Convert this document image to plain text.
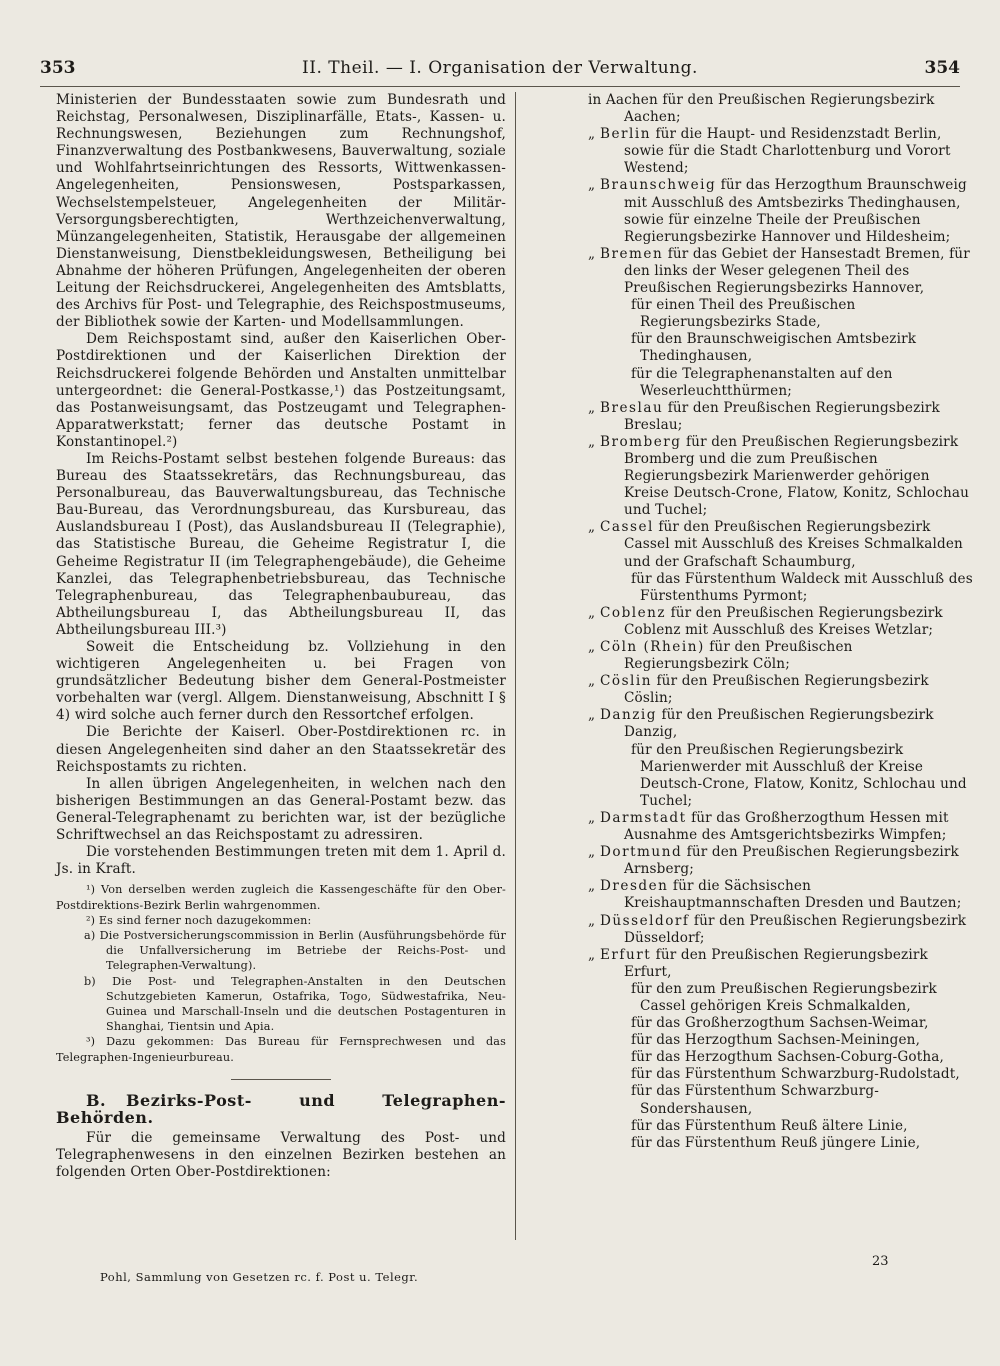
353	II. Theil. — I. Organisation der Verwaltung.	354

Ministerien der Bundesstaaten sowie zum Bundesrath und Reichstag, Personalwesen, Disziplinarfälle, Etats-, Kassen- u. Rechnungswesen, Beziehungen zum Rechnungshof, Finanzverwaltung des Postbankwesens, Bauverwaltung, soziale und Wohlfahrtseinrichtungen des Ressorts, Wittwenkassen-Angelegenheiten, Pensionswesen, Postsparkassen, Wechselstempelsteuer, Angelegenheiten der Militär-Versorgungsberechtigten, Werthzeichenverwaltung, Münzangelegenheiten, Statistik, Herausgabe der allgemeinen Dienstanweisung, Dienstbekleidungswesen, Betheiligung bei Abnahme der höheren Prüfungen, Angelegenheiten der oberen Leitung der Reichsdruckerei, Angelegenheiten des Amtsblatts, des Archivs für Post- und Telegraphie, des Reichspostmuseums, der Bibliothek sowie der Karten- und Modellsammlungen.

Dem Reichspostamt sind, außer den Kaiserlichen Ober-Postdirektionen und der Kaiserlichen Direktion der Reichsdruckerei folgende Behörden und Anstalten unmittelbar untergeordnet: die General-Postkasse,¹) das Postzeitungsamt, das Postanweisungsamt, das Postzeugamt und Telegraphen-Apparatwerkstatt; ferner das deutsche Postamt in Konstantinopel.²)

Im Reichs-Postamt selbst bestehen folgende Bureaus: das Bureau des Staatssekretärs, das Rechnungsbureau, das Personalbureau, das Bauverwaltungsbureau, das Technische Bau-Bureau, das Verordnungsbureau, das Kursbureau, das Auslandsbureau I (Post), das Auslandsbureau II (Telegraphie), das Statistische Bureau, die Geheime Registratur I, die Geheime Registratur II (im Telegraphengebäude), die Geheime Kanzlei, das Telegraphenbetriebsbureau, das Technische Telegraphenbureau, das Telegraphenbaubureau, das Abtheilungsbureau I, das Abtheilungsbureau II, das Abtheilungsbureau III.³)

Soweit die Entscheidung bz. Vollziehung in den wichtigeren Angelegenheiten u. bei Fragen von grundsätzlicher Bedeutung bisher dem General-Postmeister vorbehalten war (vergl. Allgem. Dienstanweisung, Abschnitt I § 4) wird solche auch ferner durch den Ressortchef erfolgen.

Die Berichte der Kaiserl. Ober-Postdirektionen rc. in diesen Angelegenheiten sind daher an den Staatssekretär des Reichspostamts zu richten.

In allen übrigen Angelegenheiten, in welchen nach den bisherigen Bestimmungen an das General-Postamt bezw. das General-Telegraphenamt zu berichten war, ist der bezügliche Schriftwechsel an das Reichspostamt zu adressiren.

Die vorstehenden Bestimmungen treten mit dem 1. April d. Js. in Kraft.

¹) Von derselben werden zugleich die Kassengeschäfte für den Ober-Postdirektions-Bezirk Berlin wahrgenommen.

²) Es sind ferner noch dazugekommen:

a) Die Postversicherungscommission in Berlin (Ausführungsbehörde für die Unfallversicherung im Betriebe der Reichs-Post- und Telegraphen-Verwaltung).

b) Die Post- und Telegraphen-Anstalten in den Deutschen Schutzgebieten Kamerun, Ostafrika, Togo, Südwestafrika, Neu-Guinea und Marschall-Inseln und die deutschen Postagenturen in Shanghai, Tientsin und Apia.

³) Dazu gekommen: Das Bureau für Fernsprechwesen und das Telegraphen-Ingenieurbureau.

B. Bezirks-Post- und Telegraphen-Behörden.

Für die gemeinsame Verwaltung des Post- und Telegraphenwesens in den einzelnen Bezirken bestehen an folgenden Orten Ober-Postdirektionen:

in Aachen für den Preußischen Regierungsbezirk Aachen;

„ Berlin für die Haupt- und Residenzstadt Berlin, sowie für die Stadt Charlottenburg und Vorort Westend;

„ Braunschweig für das Herzogthum Braunschweig mit Ausschluß des Amtsbezirks Thedinghausen, sowie für einzelne Theile der Preußischen Regierungsbezirke Hannover und Hildesheim;

„ Bremen für das Gebiet der Hansestadt Bremen, für den links der Weser gelegenen Theil des Preußischen Regierungsbezirks Hannover,

für einen Theil des Preußischen Regierungsbezirks Stade,

für den Braunschweigischen Amtsbezirk Thedinghausen,

für die Telegraphenanstalten auf den Weserleuchtthürmen;

„ Breslau für den Preußischen Regierungsbezirk Breslau;

„ Bromberg für den Preußischen Regierungsbezirk Bromberg und die zum Preußischen Regierungsbezirk Marienwerder gehörigen Kreise Deutsch-Crone, Flatow, Konitz, Schlochau und Tuchel;

„ Cassel für den Preußischen Regierungsbezirk Cassel mit Ausschluß des Kreises Schmalkalden und der Grafschaft Schaumburg,

für das Fürstenthum Waldeck mit Ausschluß des Fürstenthums Pyrmont;

„ Coblenz für den Preußischen Regierungsbezirk Coblenz mit Ausschluß des Kreises Wetzlar;

„ Cöln (Rhein) für den Preußischen Regierungsbezirk Cöln;

„ Cöslin für den Preußischen Regierungsbezirk Cöslin;

„ Danzig für den Preußischen Regierungsbezirk Danzig,

für den Preußischen Regierungsbezirk Marienwerder mit Ausschluß der Kreise Deutsch-Crone, Flatow, Konitz, Schlochau und Tuchel;

„ Darmstadt für das Großherzogthum Hessen mit Ausnahme des Amtsgerichtsbezirks Wimpfen;

„ Dortmund für den Preußischen Regierungsbezirk Arnsberg;

„ Dresden für die Sächsischen Kreishauptmannschaften Dresden und Bautzen;

„ Düsseldorf für den Preußischen Regierungsbezirk Düsseldorf;

„ Erfurt für den Preußischen Regierungsbezirk Erfurt,

für den zum Preußischen Regierungsbezirk Cassel gehörigen Kreis Schmalkalden,

für das Großherzogthum Sachsen-Weimar,

für das Herzogthum Sachsen-Meiningen,

für das Herzogthum Sachsen-Coburg-Gotha,

für das Fürstenthum Schwarzburg-Rudolstadt,

für das Fürstenthum Schwarzburg-Sondershausen,

für das Fürstenthum Reuß ältere Linie,

für das Fürstenthum Reuß jüngere Linie,

23
Pohl, Sammlung von Gesetzen rc. f. Post u. Telegr.
